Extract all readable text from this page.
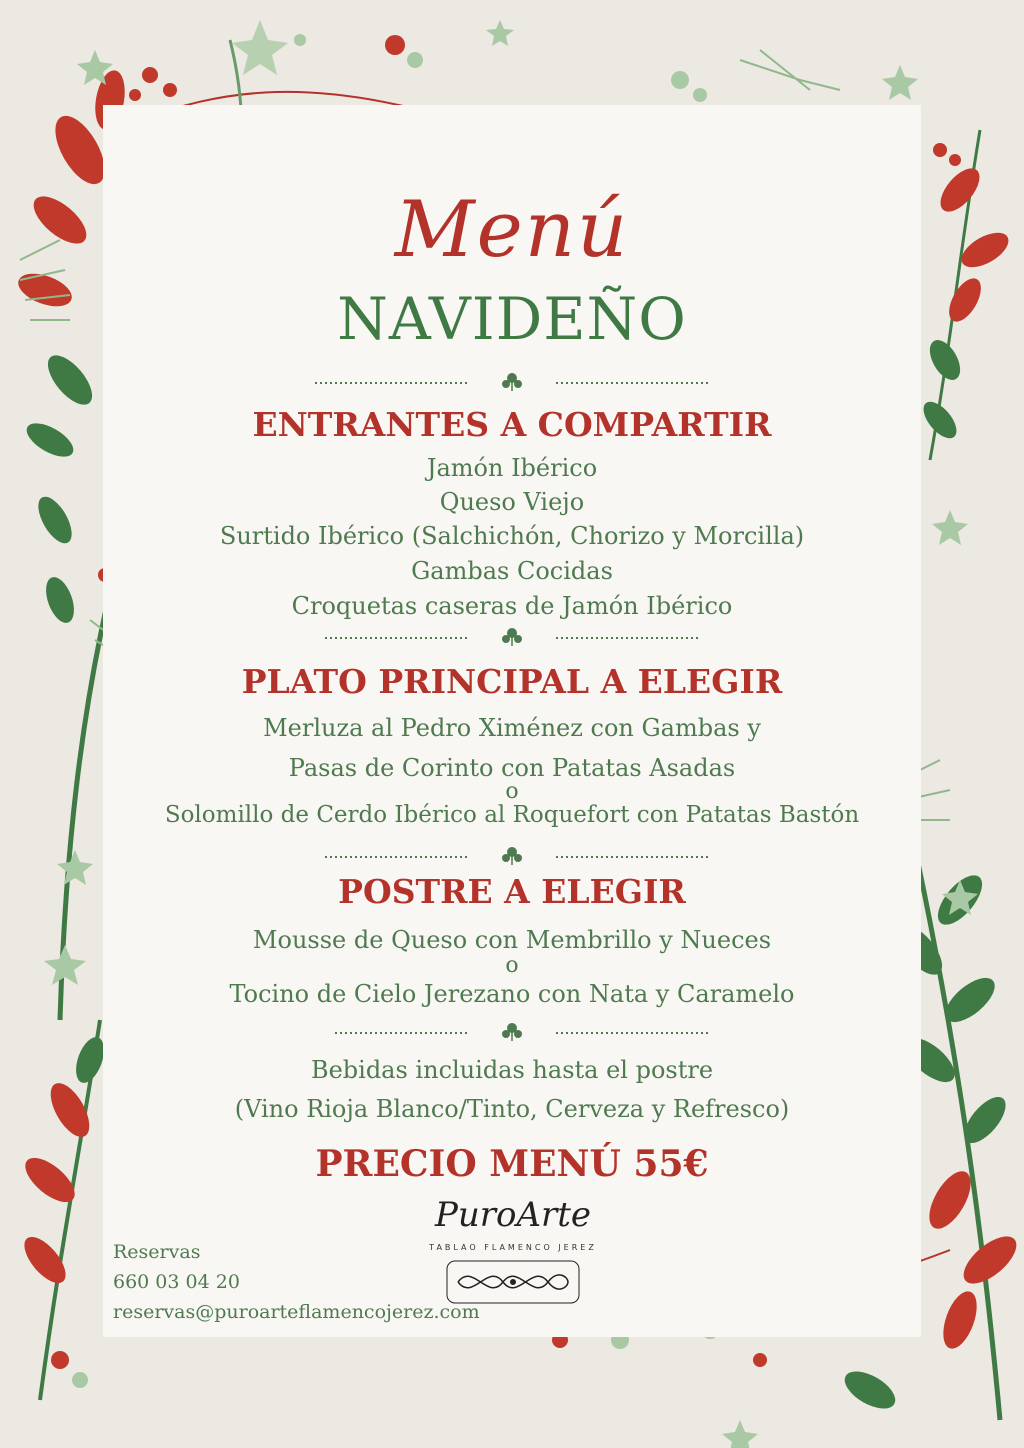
Menú
NAVIDEÑO
ENTRANTES A COMPARTIR
Jamón Ibérico
Queso Viejo
Surtido Ibérico (Salchichón, Chorizo y Morcilla)
Gambas Cocidas
Croquetas caseras de Jamón Ibérico
PLATO PRINCIPAL A ELEGIR
Merluza al Pedro Ximénez con Gambas y
Pasas de Corinto con Patatas Asadas
o
Solomillo de Cerdo Ibérico al Roquefort con Patatas Bastón
POSTRE A ELEGIR
Mousse de Queso con Membrillo y Nueces
o
Tocino de Cielo Jerezano con Nata y Caramelo
Bebidas incluidas hasta el postre
(Vino Rioja Blanco/Tinto, Cerveza y Refresco)
PRECIO MENÚ 55€
PuroArte
TABLAO FLAMENCO JEREZ
Reservas
660 03 04 20
reservas@puroarteflamencojerez.com
